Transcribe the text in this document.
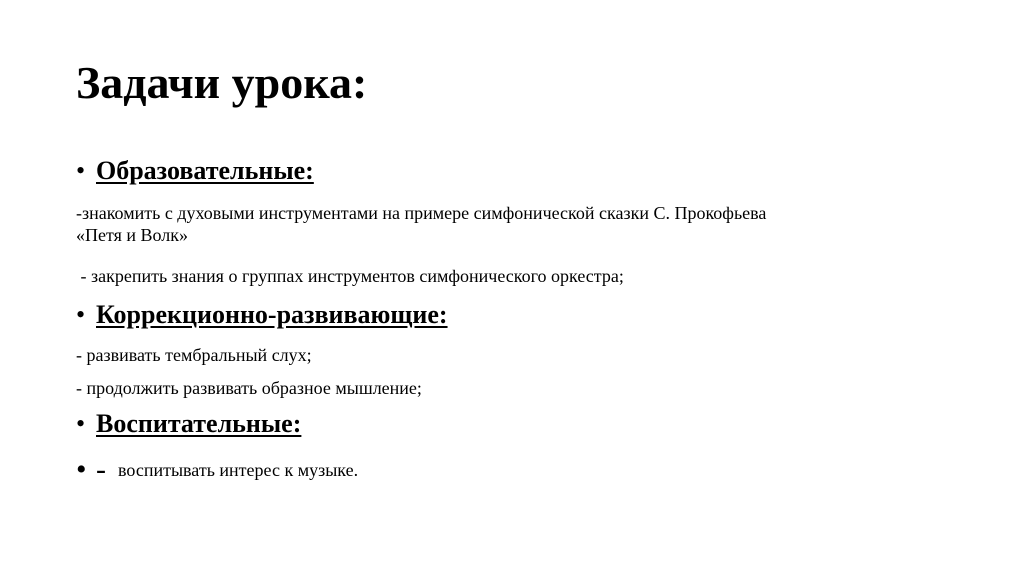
Задачи урока:
• Образовательные:
-знакомить с духовыми инструментами на примере симфонической сказки С. Прокофьева
«Петя и Волк»
- закрепить знания о группах инструментов симфонического оркестра;
• Коррекционно-развивающие:
- развивать тембральный слух;
- продолжить развивать образное мышление;
• Воспитательные:
• - воспитывать интерес к музыке.
